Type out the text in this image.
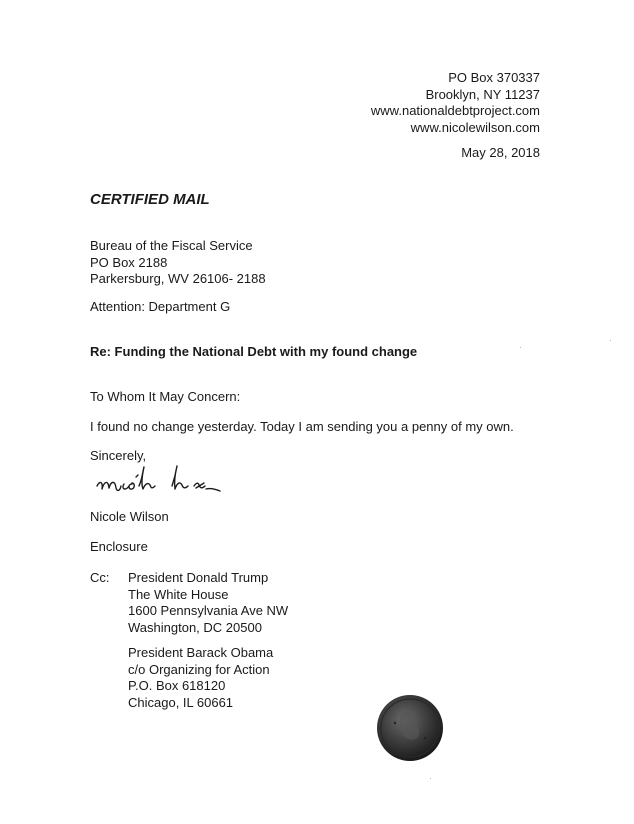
PO Box 370337
Brooklyn, NY 11237
www.nationaldebtproject.com
www.nicolewilson.com
May 28, 2018
CERTIFIED MAIL
Bureau of the Fiscal Service
PO Box 2188
Parkersburg, WV 26106- 2188
Attention: Department G
Re: Funding the National Debt with my found change
To Whom It May Concern:
I found no change yesterday. Today I am sending you a penny of my own.
Sincerely,
Nicole Wilson
Enclosure
Cc: President Donald Trump
The White House
1600 Pennsylvania Ave NW
Washington, DC 20500
President Barack Obama
c/o Organizing for Action
P.O. Box 618120
Chicago, IL 60661
